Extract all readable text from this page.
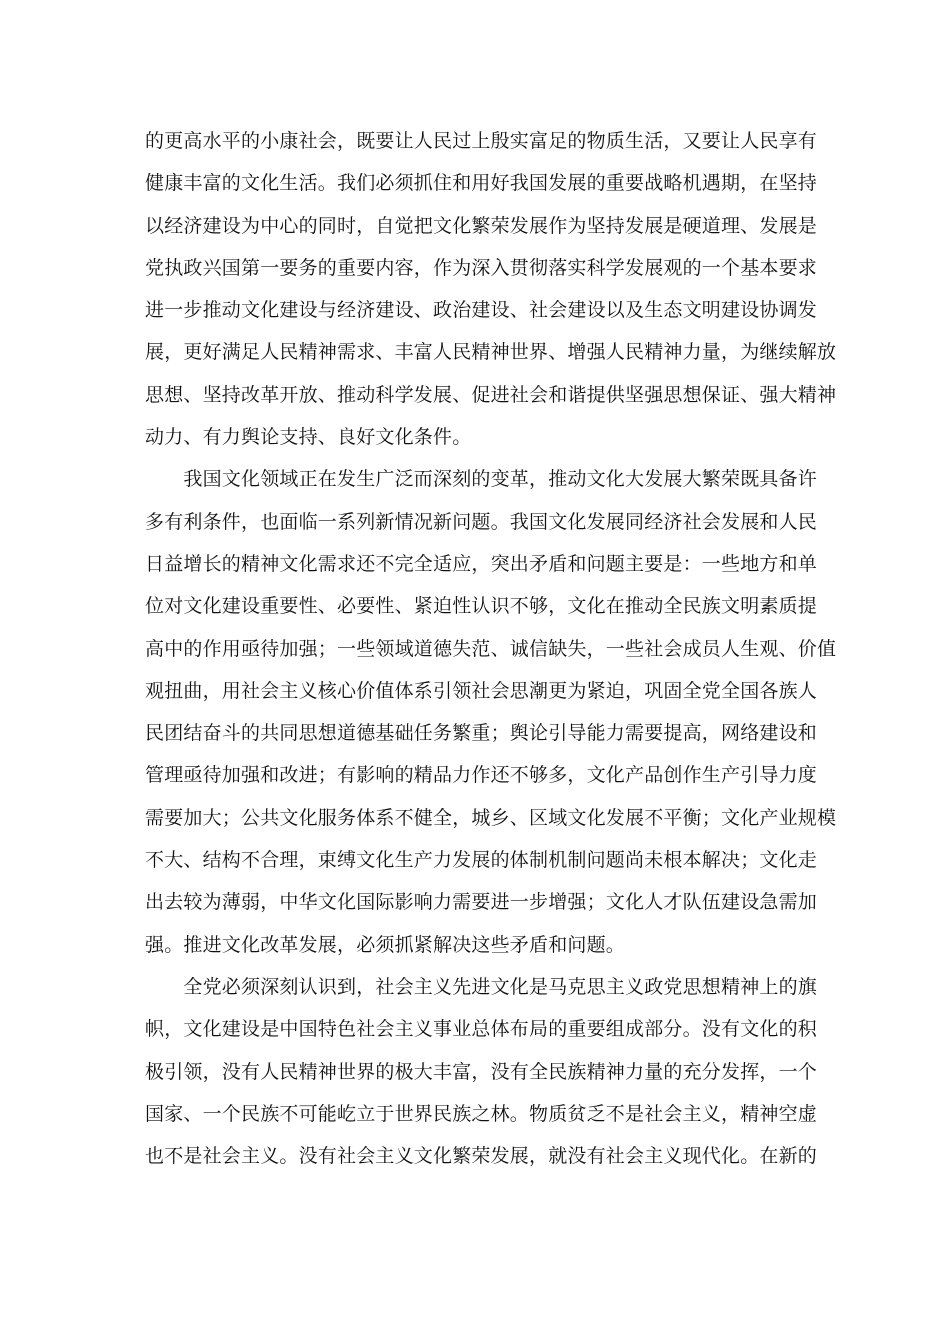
的更高水平的小康社会，既要让人民过上殷实富足的物质生活，又要让人民享有
健康丰富的文化生活。我们必须抓住和用好我国发展的重要战略机遇期，在坚持
以经济建设为中心的同时，自觉把文化繁荣发展作为坚持发展是硬道理、发展是
党执政兴国第一要务的重要内容，作为深入贯彻落实科学发展观的一个基本要求
进一步推动文化建设与经济建设、政治建设、社会建设以及生态文明建设协调发
展，更好满足人民精神需求、丰富人民精神世界、增强人民精神力量，为继续解放
思想、坚持改革开放、推动科学发展、促进社会和谐提供坚强思想保证、强大精神
动力、有力舆论支持、良好文化条件。
　　我国文化领域正在发生广泛而深刻的变革，推动文化大发展大繁荣既具备许
多有利条件，也面临一系列新情况新问题。我国文化发展同经济社会发展和人民
日益增长的精神文化需求还不完全适应，突出矛盾和问题主要是：一些地方和单
位对文化建设重要性、必要性、紧迫性认识不够，文化在推动全民族文明素质提
高中的作用亟待加强；一些领域道德失范、诚信缺失，一些社会成员人生观、价值
观扭曲，用社会主义核心价值体系引领社会思潮更为紧迫，巩固全党全国各族人
民团结奋斗的共同思想道德基础任务繁重；舆论引导能力需要提高，网络建设和
管理亟待加强和改进；有影响的精品力作还不够多，文化产品创作生产引导力度
需要加大；公共文化服务体系不健全，城乡、区域文化发展不平衡；文化产业规模
不大、结构不合理，束缚文化生产力发展的体制机制问题尚未根本解决；文化走
出去较为薄弱，中华文化国际影响力需要进一步增强；文化人才队伍建设急需加
强。推进文化改革发展，必须抓紧解决这些矛盾和问题。
　　全党必须深刻认识到，社会主义先进文化是马克思主义政党思想精神上的旗
帜，文化建设是中国特色社会主义事业总体布局的重要组成部分。没有文化的积
极引领，没有人民精神世界的极大丰富，没有全民族精神力量的充分发挥，一个
国家、一个民族不可能屹立于世界民族之林。物质贫乏不是社会主义，精神空虚
也不是社会主义。没有社会主义文化繁荣发展，就没有社会主义现代化。在新的
